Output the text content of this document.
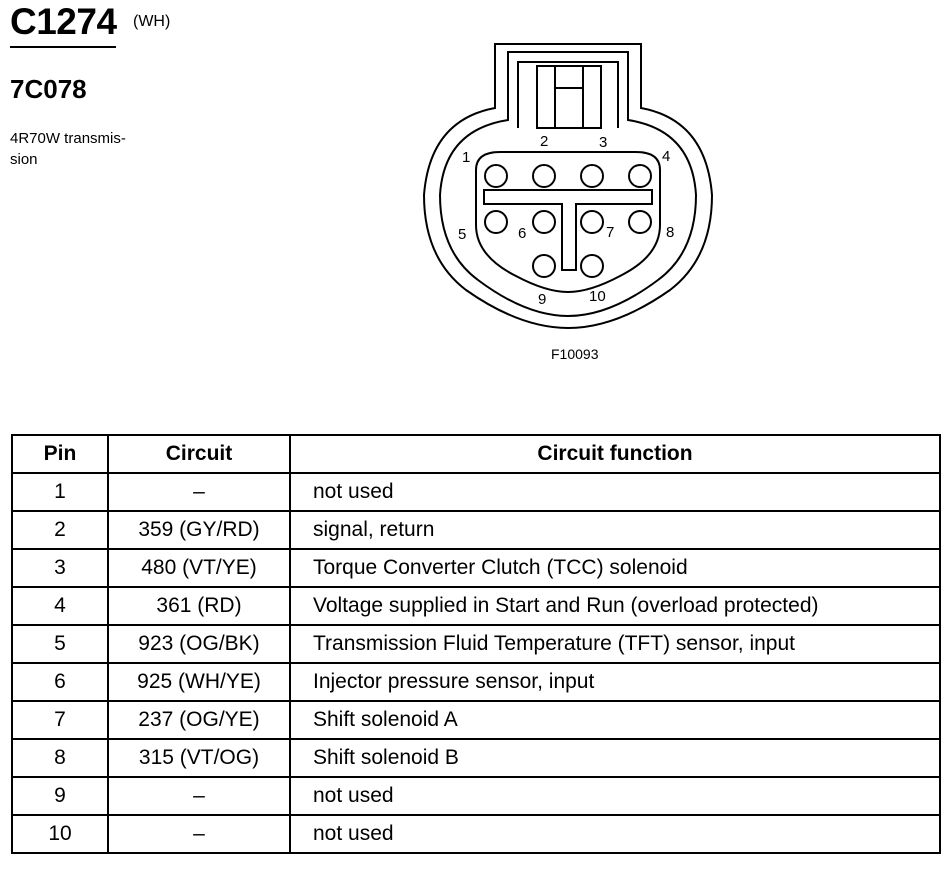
C1274 (WH)
7C078
4R70W transmis-
sion	1
2	3
4
5	6	7	8
9	10
F10093
Pin	Circuit	Circuit function
1	–	not used
2	359 (GY/RD)	signal, return
3	480 (VT/YE)	Torque Converter Clutch (TCC) solenoid
4	361 (RD)	Voltage supplied in Start and Run (overload protected)
5	923 (OG/BK)	Transmission Fluid Temperature (TFT) sensor, input
6	925 (WH/YE)	Injector pressure sensor, input
7	237 (OG/YE)	Shift solenoid A
8	315 (VT/OG)	Shift solenoid B
9	–	not used
10	–	not used
